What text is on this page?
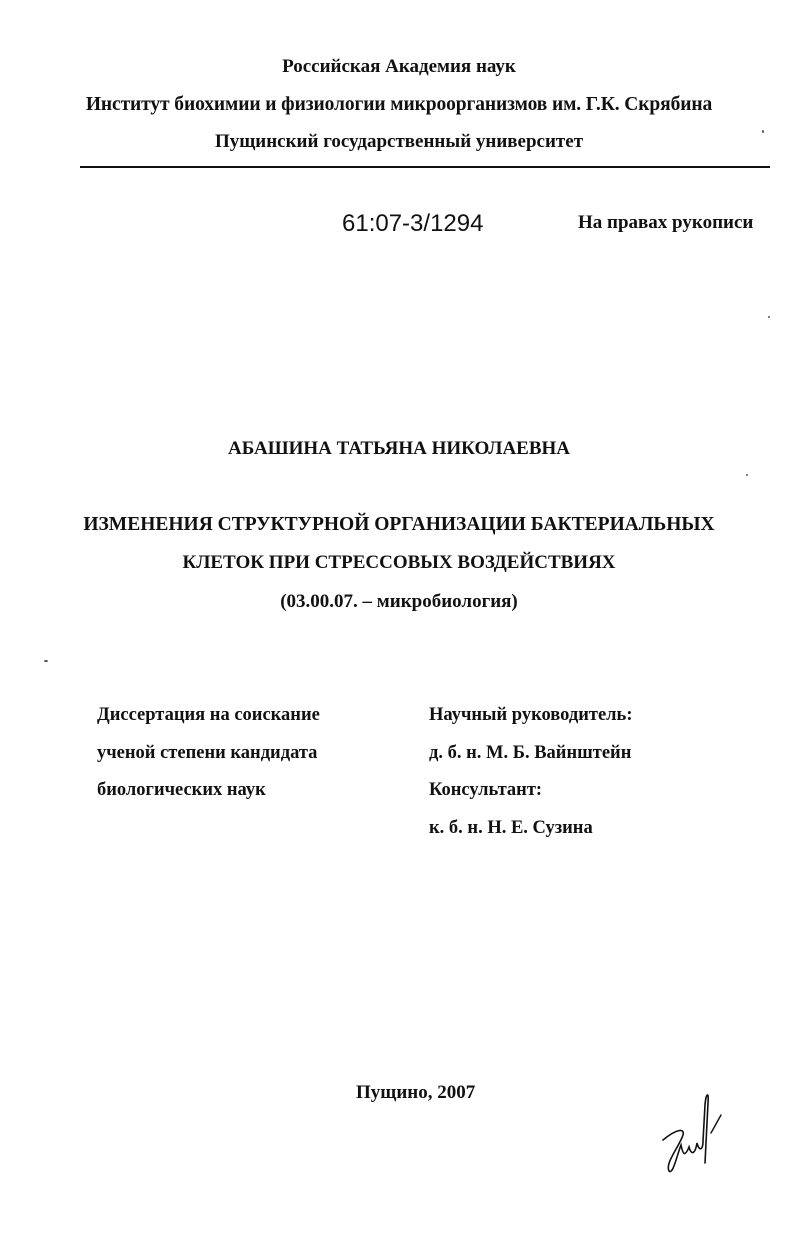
Российская Академия наук
Институт биохимии и физиологии микроорганизмов им. Г.К. Скрябина
Пущинский государственный университет
61:07-3/1294	На правах рукописи
АБАШИНА ТАТЬЯНА НИКОЛАЕВНА
ИЗМЕНЕНИЯ СТРУКТУРНОЙ ОРГАНИЗАЦИИ БАКТЕРИАЛЬНЫХ
КЛЕТОК ПРИ СТРЕССОВЫХ ВОЗДЕЙСТВИЯХ
(03.00.07. – микробиология)
Диссертация на соискание
ученой степени кандидата
биологических наук
Научный руководитель:
д. б. н. М. Б. Вайнштейн
Консультант:
к. б. н. Н. Е. Сузина
Пущино, 2007
